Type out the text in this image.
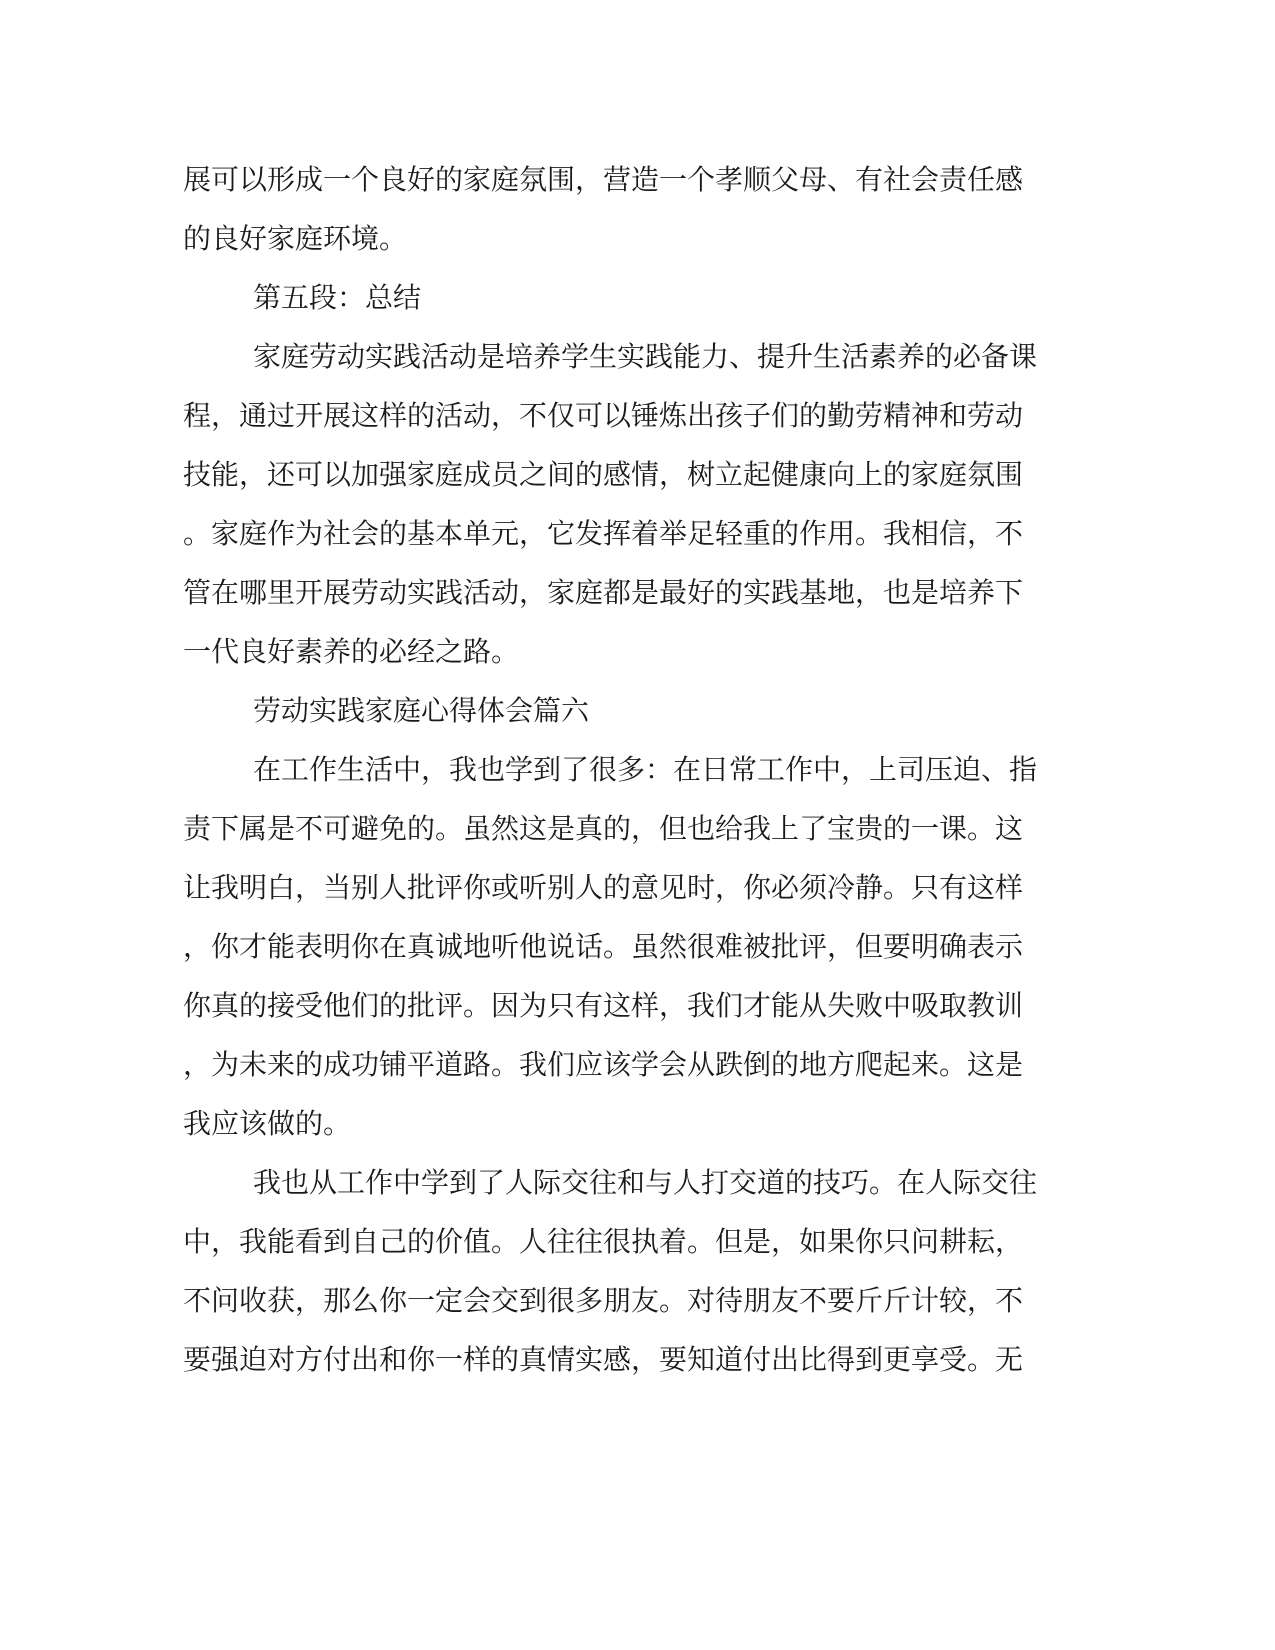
展可以形成一个良好的家庭氛围，营造一个孝顺父母、有社会责任感
的良好家庭环境。
第五段：总结
家庭劳动实践活动是培养学生实践能力、提升生活素养的必备课
程，通过开展这样的活动，不仅可以锤炼出孩子们的勤劳精神和劳动
技能，还可以加强家庭成员之间的感情，树立起健康向上的家庭氛围
。家庭作为社会的基本单元，它发挥着举足轻重的作用。我相信，不
管在哪里开展劳动实践活动，家庭都是最好的实践基地，也是培养下
一代良好素养的必经之路。
劳动实践家庭心得体会篇六
在工作生活中，我也学到了很多：在日常工作中，上司压迫、指
责下属是不可避免的。虽然这是真的，但也给我上了宝贵的一课。这
让我明白，当别人批评你或听别人的意见时，你必须冷静。只有这样
，你才能表明你在真诚地听他说话。虽然很难被批评，但要明确表示
你真的接受他们的批评。因为只有这样，我们才能从失败中吸取教训
，为未来的成功铺平道路。我们应该学会从跌倒的地方爬起来。这是
我应该做的。
我也从工作中学到了人际交往和与人打交道的技巧。在人际交往
中，我能看到自己的价值。人往往很执着。但是，如果你只问耕耘，
不问收获，那么你一定会交到很多朋友。对待朋友不要斤斤计较，不
要强迫对方付出和你一样的真情实感，要知道付出比得到更享受。无
